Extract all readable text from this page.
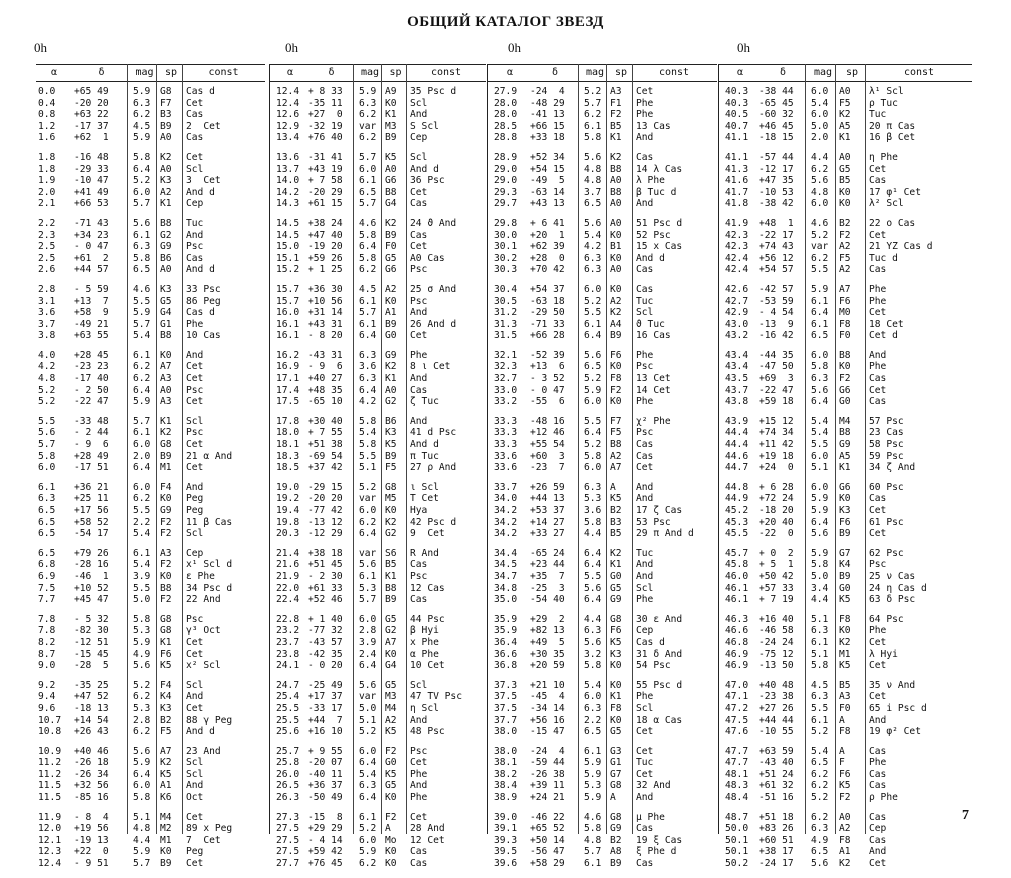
ОБЩИЙ КАТАЛОГ ЗВЕЗД
0h	0h	0h	0h
α	δ	mag	sp	const
0.0 +65 49	5.9 G8 Cas d
0.4 -20 20	6.3 F7 Cet
0.8 +63 22	6.2 B3 Cas
1.2 -17 37	4.5 B9 2  Cet
1.6 +62  1	5.9 A0 Cas
1.8 -16 48	5.8 K2 Cet
1.8 -29 33	6.4 A0 Scl
1.9 -10 47	5.2 K3 3  Cet
2.0 +41 49	6.0 A2 And d
2.1 +66 53	5.7 K1 Cep
2.2 -71 43	5.6 B8 Tuc
2.3 +34 23	6.1 G2 And
2.5 - 0 47	6.3 G9 Psc
2.5 +61  2	5.8 B6 Cas
2.6 +44 57	6.5 A0 And d
2.8 - 5 59	4.6 K3 33 Psc
3.1 +13  7	5.5 G5 86 Peg
3.6 +58  9	5.9 G4 Cas d
3.7 -49 21	5.7 G1 Phe
3.8 +63 55	5.4 B8 10 Cas
4.0 +28 45	6.1 K0 And
4.2 -23 23	6.2 A7 Cet
4.8 -17 40	6.2 A3 Cet
5.2 - 2 50	6.4 A0 Psc
5.2 -22 47	5.9 A3 Cet
5.5 -33 48	5.7 K1 Scl
5.6 - 2 44	6.1 K2 Psc
5.7 - 9  6	6.0 G8 Cet
5.8 +28 49	2.0 B9 21 α And
6.0 -17 51	6.4 M1 Cet
6.1 +36 21	6.0 F4 And
6.3 +25 11	6.2 K0 Peg
6.5 +17 56	5.5 G9 Peg
6.5 +58 52	2.2 F2 11 β Cas
6.5 -54 17	5.4 F2 Scl
6.5 +79 26	6.1 A3 Cep
6.8 -28 16	5.4 F2 x¹ Scl d
6.9 -46  1	3.9 K0 ε Phe
7.5 +10 52	5.5 B8 34 Psc d
7.7 +45 47	5.0 F2 22 And
7.8 - 5 32	5.8 G8 Psc
7.8 -82 30	5.3 G8 γ³ Oct
8.2 -12 51	5.9 K1 Cet
8.7 -15 45	4.9 F6 Cet
9.0 -28  5	5.6 K5 x² Scl
9.2 -35 25	5.2 F4 Scl
9.4 +47 52	6.2 K4 And
9.6 -18 13	5.3 K3 Cet
10.7 +14 54	2.8 B2 88 γ Peg
10.8 +26 43	6.2 F5 And d
10.9 +40 46	5.6 A7 23 And
11.2 -26 18	5.9 K2 Scl
11.2 -26 34	6.4 K5 Scl
11.5 +32 56	6.0 A1 And
11.5 -85 16	5.8 K6 Oct
11.9 - 8  4	5.1 M4 Cet
12.0 +19 56	4.8 M2 89 x Peg
12.1 -19 13	4.4 M1 7  Cet
12.3 +22  0	5.9 K0 Peg
12.4 - 9 51	5.7 B9 Cet
α	δ	mag	sp	const
12.4 + 8 33 5.9 A9 35 Psc d
12.4 -35 11 6.3 K0 Scl
12.6 +27  0 6.2 K1 And
12.9 -32 19 var M3 S Scl
13.4 +76 40 6.2 B9 Cep
13.6 -31 41 5.7 K5 Scl
13.7 +43 19 6.0 A0 And d
14.0 + 7 58 6.1 G6 36 Psc
14.2 -20 29 6.5 B8 Cet
14.3 +61 15 5.7 G4 Cas
14.5 +38 24 4.6 K2 24 ϑ And
14.5 +47 40 5.8 B9 Cas
15.0 -19 20 6.4 F0 Cet
15.1 +59 26 5.8 G5 A0 Cas
15.2 + 1 25 6.2 G6 Psc
15.7 +36 30 4.5 A2 25 σ And
15.7 +10 56 6.1 K0 Psc
16.0 +31 14 5.7 A1 And
16.1 +43 31 6.1 B9 26 And d
16.1 - 8 20 6.4 G0 Cet
16.2 -43 31 6.3 G9 Phe
16.9 - 9  6 3.6 K2 8 ι Cet
17.1 +40 27 6.3 K1 And
17.4 +48 35 6.4 A0 Cas
17.5 -65 10 4.2 G2 ζ Tuc
17.8 +30 40 5.8 B6 And
18.0 + 7 55 5.4 K3 41 d Psc
18.1 +51 38 5.8 K5 And d
18.3 -69 54 5.5 B9 π Tuc
18.5 +37 42 5.1 F5 27 ρ And
19.0 -29 15 5.2 G8 ι Scl
19.2 -20 20 var M5 T Cet
19.4 -77 42 6.0 K0 Hya
19.8 -13 12 6.2 K2 42 Psc d
20.3 -12 29 6.4 G2 9  Cet
21.4 +38 18 var S6 R And
21.6 +51 45 5.6 B5 Cas
21.9 - 2 30 6.1 K1 Psc
22.0 +61 33 5.3 B8 12 Cas
22.4 +52 46 5.7 B9 Cas
22.8 + 1 40 6.0 G5 44 Psc
23.2 -77 32 2.8 G2 β Hyi
23.7 -43 57 3.9 A7 x Phe
23.8 -42 35 2.4 K0 α Phe
24.1 - 0 20 6.4 G4 10 Cet
24.7 -25 49 5.6 G5 Scl
25.4 +17 37 var M3 47 TV Psc
25.5 -33 17 5.0 M4 η Scl
25.5 +44  7 5.1 A2 And
25.6 +16 10 5.2 K5 48 Psc
25.7 + 9 55 6.0 F2 Psc
25.8 -20 07 6.4 G0 Cet
26.0 -40 11 5.4 K5 Phe
26.5 +36 37 6.3 G5 And
26.3 -50 49 6.4 K0 Phe
27.3 -15  8 6.1 F2 Cet
27.5 +29 29 5.2 A 28 And
27.5 - 4 14 6.0 Mo 12 Cet
27.5 +59 42 5.9 K0 Cas
27.7 +76 45 6.2 K0 Cas
α	δ	mag	sp	const
27.9 -24  4 5.2 A3 Cet
28.0 -48 29 5.7 F1 Phe
28.0 -41 13 6.2 F2 Phe
28.5 +66 15 6.1 B5 13 Cas
28.8 +33 18 5.8 K1 And
28.9 +52 34 5.6 K2 Cas
29.0 +54 15 4.8 B8 14 λ Cas
29.0 -49  5 4.8 A0 λ Phe
29.3 -63 14 3.7 B8 β Tuc d
29.7 +43 13 6.5 A0 And
29.8 + 6 41 5.6 A0 51 Psc d
30.0 +20  1 5.4 K0 52 Psc
30.1 +62 39 4.2 B1 15 x Cas
30.2 +28  0 6.3 K0 And d
30.3 +70 42 6.3 A0 Cas
30.4 +54 37 6.0 K0 Cas
30.5 -63 18 5.2 A2 Tuc
31.2 -29 50 5.5 K2 Scl
31.3 -71 33 6.1 A4 ϑ Tuc
31.5 +66 28 6.4 B9 16 Cas
32.1 -52 39 5.6 F6 Phe
32.3 +13  6 6.5 K0 Psc
32.7 - 3 52 5.2 F8 13 Cet
33.0 - 0 47 5.9 F2 14 Cet
33.2 -55  6 6.0 K0 Phe
33.3 -48 16 5.5 F7 χ² Phe
33.3 +12 46 6.4 F5 Psc
33.3 +55 54 5.2 B8 Cas
33.6 +60  3 5.8 A2 Cas
33.6 -23  7 6.0 A7 Cet
33.7 +26 59 6.3 A And
34.0 +44 13 5.3 K5 And
34.2 +53 37 3.6 B2 17 ζ Cas
34.2 +14 27 5.8 B3 53 Psc
34.2 +33 27 4.4 B5 29 π And d
34.4 -65 24 6.4 K2 Tuc
34.5 +23 44 6.4 K1 And
34.7 +35  7 5.5 G0 And
34.8 -25  3 5.6 G5 Scl
35.0 -54 40 6.4 G9 Phe
35.9 +29  2 4.4 G8 30 ε And
35.9 +82 13 6.3 F6 Cep
36.4 +49  5 5.6 K5 Cas d
36.6 +30 35 3.2 K3 31 δ And
36.8 +20 59 5.8 K0 54 Psc
37.3 +21 10 5.4 K0 55 Psc d
37.5 -45  4 6.0 K1 Phe
37.5 -34 14 6.3 F8 Scl
37.7 +56 16 2.2 K0 18 α Cas
38.0 -15 47 6.5 G5 Cet
38.0 -24  4 6.1 G3 Cet
38.1 -59 44 5.9 G1 Tuc
38.2 -26 38 5.9 G7 Cet
38.4 +39 11 5.3 G8 32 And
38.9 +24 21 5.9 A And
39.0 -46 22 4.6 G8 μ Phe
39.1 +65 52 5.8 G9 Cas
39.3 +50 14 4.8 B2 19 ξ Cas
39.5 -56 47 5.7 A8 ξ Phe d
39.6 +58 29 6.1 B9 Cas
α	δ	mag	sp	const
40.3 -38 44 6.0 A0 λ¹ Scl
40.3 -65 45 5.4 F5 ρ Tuc
40.5 -60 32 6.0 K2 Tuc
40.7 +46 45 5.0 A5 20 π Cas
41.1 -18 15 2.0 K1 16 β Cet
41.1 -57 44 4.4 A0 η Phe
41.3 -12 17 6.2 G5 Cet
41.6 +47 35 5.6 B5 Cas
41.7 -10 53 4.8 K0 17 φ¹ Cet
41.8 -38 42 6.0 K0 λ² Scl
41.9 +48  1 4.6 B2 22 o Cas
42.3 -22 17 5.2 F2 Cet
42.3 +74 43 var A2 21 YZ Cas d
42.4 +56 12 6.2 F5 Tuc d
42.4 +54 57 5.5 A2 Cas
42.6 -42 57 5.9 A7 Phe
42.7 -53 59 6.1 F6 Phe
42.9 - 4 54 6.4 M0 Cet
43.0 -13  9 6.1 F8 18 Cet
43.2 -16 42 6.5 F0 Cet d
43.4 -44 35 6.0 B8 And
43.4 -47 50 5.8 K0 Phe
43.5 +69  3 6.3 F2 Cas
43.7 -22 47 5.6 G6 Cet
43.8 +59 18 6.4 G0 Cas
43.9 +15 12 5.4 M4 57 Psc
44.4 +74 34 5.4 B8 23 Cas
44.4 +11 42 5.5 G9 58 Psc
44.6 +19 18 6.0 A5 59 Psc
44.7 +24  0 5.1 K1 34 ζ And
44.8 + 6 28 6.0 G6 60 Psc
44.9 +72 24 5.9 K0 Cas
45.2 -18 20 5.9 K3 Cet
45.3 +20 40 6.4 F6 61 Psc
45.5 -22  0 5.6 B9 Cet
45.7 + 0  2 5.9 G7 62 Psc
45.8 + 5  1 5.8 K4 Psc
46.0 +50 42 5.0 B9 25 ν Cas
46.1 +57 33 3.4 G0 24 η Cas d
46.1 + 7 19 4.4 K5 63 δ Psc
46.3 +16 40 5.1 F8 64 Psc
46.6 -46 58 6.3 K0 Phe
46.8 -24 24 6.1 K2 Cet
46.9 -75 12 5.1 M1 λ Hyi
46.9 -13 50 5.8 K5 Cet
47.0 +40 48 4.5 B5 35 ν And
47.1 -23 38 6.3 A3 Cet
47.2 +27 26 5.5 F0 65 i Psc d
47.5 +44 44 6.1 A	And
47.6 -10 55 5.2 F8 19 φ² Cet
47.7 +63 59 5.4 A	Cas
47.7 -43 40 6.5 F	Phe
48.1 +51 24 6.2 F6 Cas
48.3 +61 32 6.2 K5 Cas
48.4 -51 16 5.2 F2 ρ Phe
48.7 +51 18 6.2 A0 Cas
50.0 +83 26 6.3 A2 Cep
50.1 +60 51 4.9 F8 Cas
50.1 +38 17 6.5 A1 And
50.2 -24 17 5.6 K2 Cet
7
